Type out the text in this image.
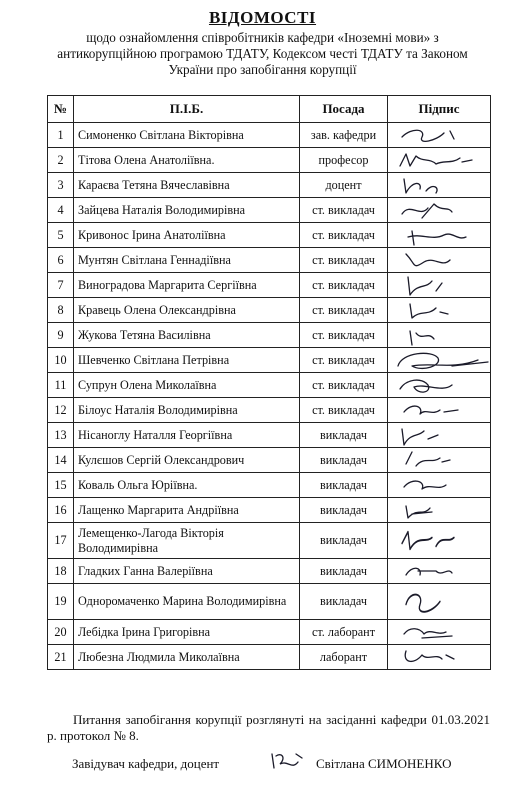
ВІДОМОСТІ
щодо ознайомлення співробітників кафедри «Іноземні мови» з антикорупційною програмою ТДАТУ, Кодексом честі ТДАТУ та Законом України про запобігання корупції
№	П.І.Б.	Посада	Підпис
1	Симоненко Світлана Вікторівна	зав. кафедри	

2	Тітова Олена Анатоліївна.	професор	

3	Караєва Тетяна Вячеславівна	доцент	

4	Зайцева Наталія Володимирівна	ст. викладач	

5	Кривонос Ірина Анатоліївна	ст. викладач	

6	Мунтян Світлана Геннадіївна	ст. викладач	

7	Виноградова Маргарита Сергіївна	ст. викладач	

8	Кравець Олена Олександрівна	ст. викладач	

9	Жукова Тетяна Василівна	ст. викладач	

10	Шевченко Світлана Петрівна	ст. викладач	

11	Супрун Олена Миколаївна	ст. викладач	

12	Білоус Наталія Володимирівна	ст. викладач	

13	Нісаноглу Наталля Георгіївна	викладач	

14	Кулєшов Сергій Олександрович	викладач	

15	Коваль Ольга Юріївна.	викладач	

16	Лащенко Маргарита Андріївна	викладач	

17	Лемещенко-Лагода Вікторія Володимирівна	викладач	

18	Гладких Ганна Валеріївна	викладач	

19	Одноромаченко Марина Володимирівна	викладач	

20	Лебідка Ірина Григорівна	ст. лаборант	

21	Любезна Людмила Миколаївна	лаборант	
Питання запобігання корупції розглянуті на засіданні кафедри 01.03.2021 р. протокол № 8.
Завідувач кафедри, доцент	Світлана СИМОНЕНКО
